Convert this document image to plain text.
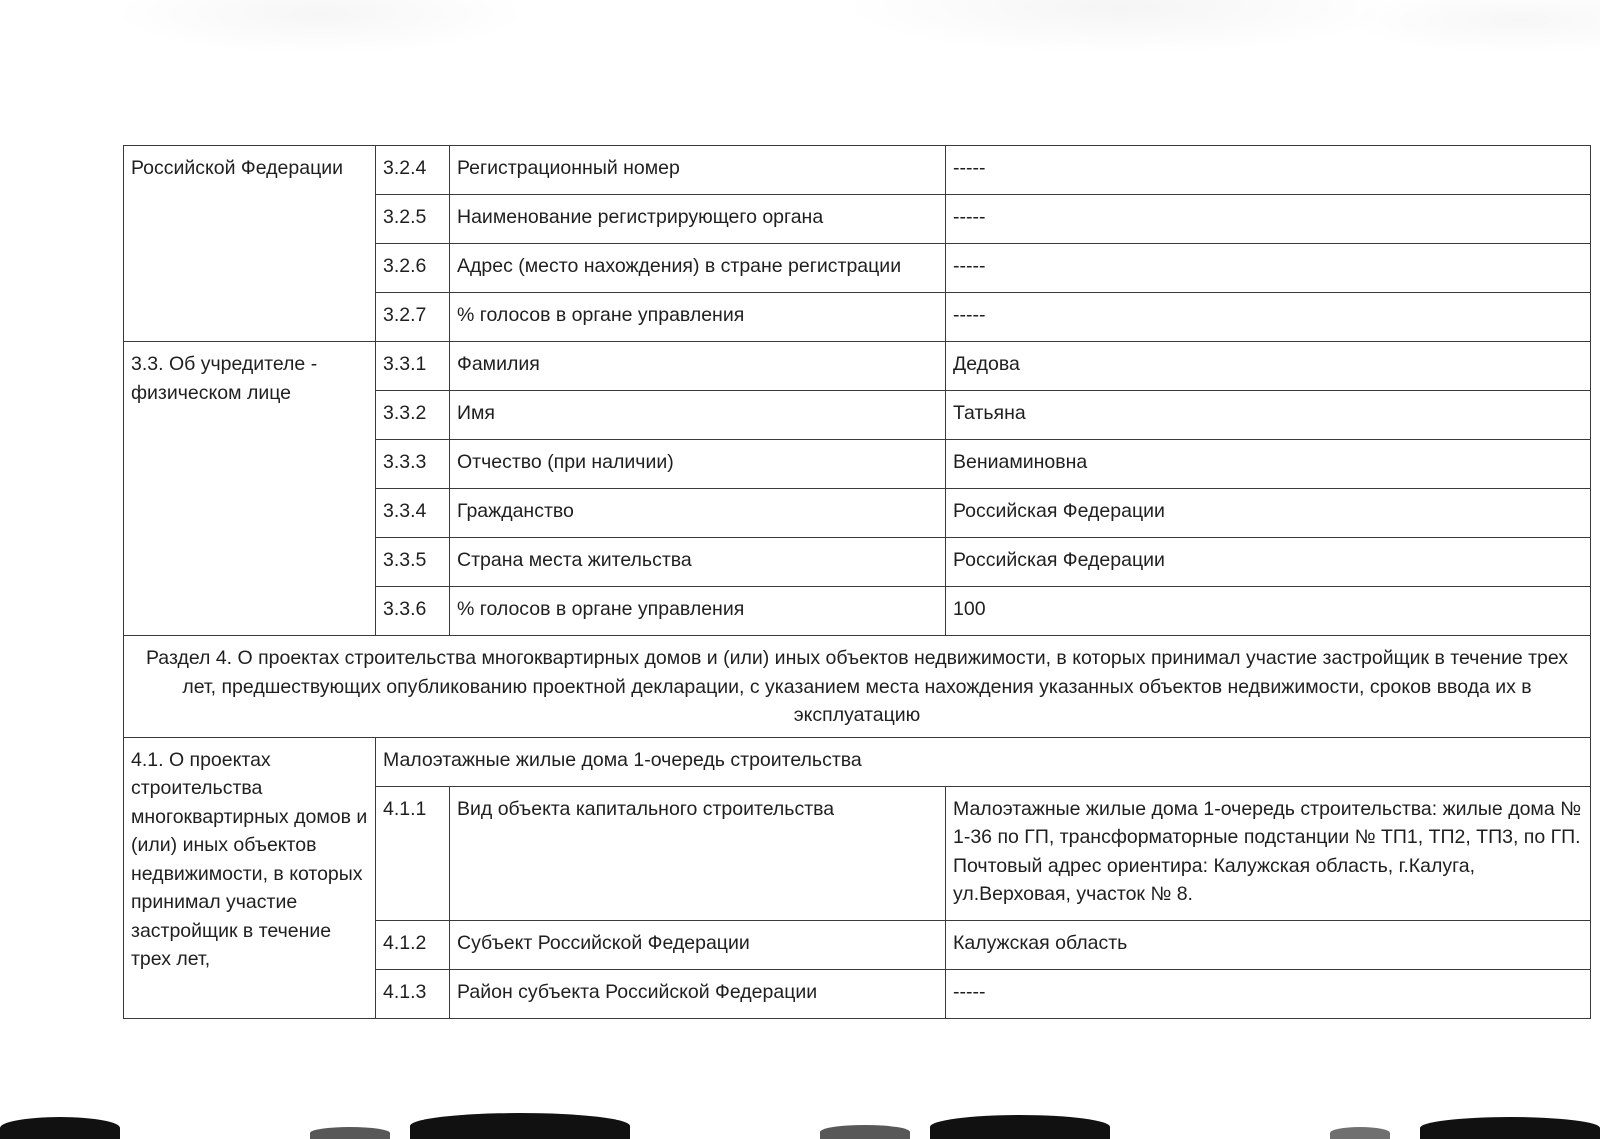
Российской Федерации	3.2.4	Регистрационный номер	-----
	3.2.5	Наименование регистрирующего органа	-----
	3.2.6	Адрес (место нахождения) в стране регистрации	-----
	3.2.7	% голосов в органе управления	-----
3.3. Об учредителе - физическом лице	3.3.1	Фамилия	Дедова
	3.3.2	Имя	Татьяна
	3.3.3	Отчество (при наличии)	Вениаминовна
	3.3.4	Гражданство	Российская Федерации
	3.3.5	Страна места жительства	Российская Федерации
	3.3.6	% голосов в органе управления	100
Раздел 4. О проектах строительства многоквартирных домов и (или) иных объектов недвижимости, в которых принимал участие застройщик в течение трех лет, предшествующих опубликованию проектной декларации, с указанием места нахождения указанных объектов недвижимости, сроков ввода их в эксплуатацию			
4.1. О проектах строительства многоквартирных домов и (или) иных объектов недвижимости, в которых принимал участие застройщик в течение трех лет,	Малоэтажные жилые дома 1-очередь строительства		
	4.1.1	Вид объекта капитального строительства	Малоэтажные жилые дома 1-очередь строительства: жилые дома № 1-36 по ГП, трансформаторные подстанции № ТП1, ТП2, ТП3, по ГП. Почтовый адрес ориентира: Калужская область, г.Калуга, ул.Верховая, участок № 8.
	4.1.2	Субъект Российской Федерации	Калужская область
	4.1.3	Район субъекта Российской Федерации	-----
